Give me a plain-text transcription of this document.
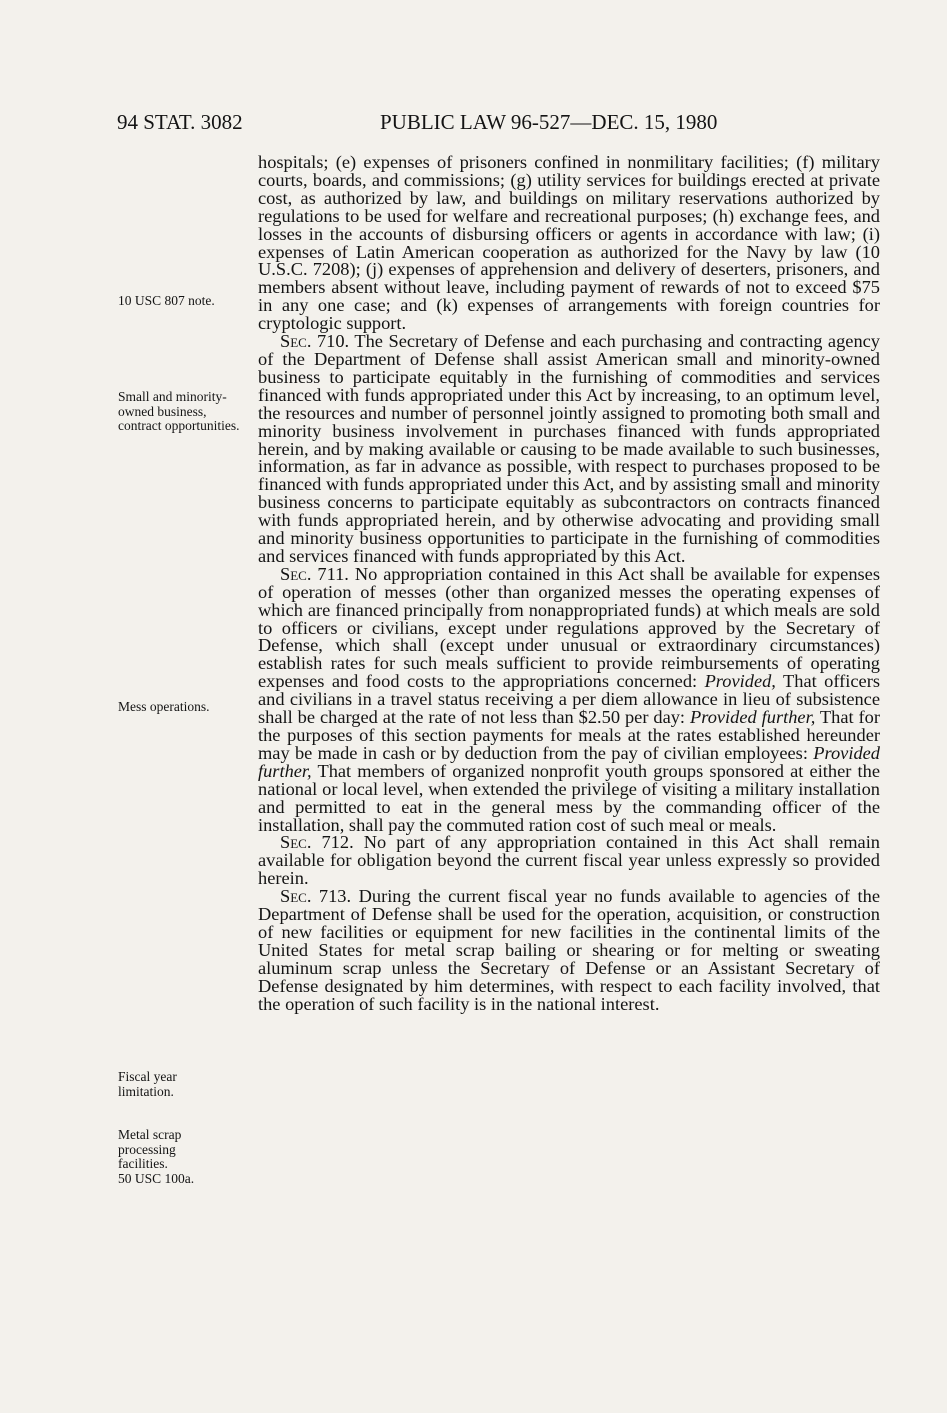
94 STAT. 3082	PUBLIC LAW 96-527—DEC. 15, 1980
10 USC 807 note.
Small and minority-owned business, contract opportunities.
Mess operations.
Fiscal year limitation.
Metal scrap processing facilities.
50 USC 100a.

hospitals; (e) expenses of prisoners confined in nonmilitary facilities; (f) military courts, boards, and commissions; (g) utility services for buildings erected at private cost, as authorized by law, and buildings on military reservations authorized by regulations to be used for welfare and recreational purposes; (h) exchange fees, and losses in the accounts of disbursing officers or agents in accordance with law; (i) expenses of Latin American cooperation as authorized for the Navy by law (10 U.S.C. 7208); (j) expenses of apprehension and delivery of deserters, prisoners, and members absent without leave, including payment of rewards of not to exceed $75 in any one case; and (k) expenses of arrangements with foreign countries for cryptologic support.

Sec. 710. The Secretary of Defense and each purchasing and contracting agency of the Department of Defense shall assist American small and minority-owned business to participate equitably in the furnishing of commodities and services financed with funds appropriated under this Act by increasing, to an optimum level, the resources and number of personnel jointly assigned to promoting both small and minority business involvement in purchases financed with funds appropriated herein, and by making available or causing to be made available to such businesses, information, as far in advance as possible, with respect to purchases proposed to be financed with funds appropriated under this Act, and by assisting small and minority business concerns to participate equitably as subcontractors on contracts financed with funds appropriated herein, and by otherwise advocating and providing small and minority business opportunities to participate in the furnishing of commodities and services financed with funds appropriated by this Act.

Sec. 711. No appropriation contained in this Act shall be available for expenses of operation of messes (other than organized messes the operating expenses of which are financed principally from nonappropriated funds) at which meals are sold to officers or civilians, except under regulations approved by the Secretary of Defense, which shall (except under unusual or extraordinary circumstances) establish rates for such meals sufficient to provide reimbursements of operating expenses and food costs to the appropriations concerned: Provided, That officers and civilians in a travel status receiving a per diem allowance in lieu of subsistence shall be charged at the rate of not less than $2.50 per day: Provided further, That for the purposes of this section payments for meals at the rates established hereunder may be made in cash or by deduction from the pay of civilian employees: Provided further, That members of organized nonprofit youth groups sponsored at either the national or local level, when extended the privilege of visiting a military installation and permitted to eat in the general mess by the commanding officer of the installation, shall pay the commuted ration cost of such meal or meals.

Sec. 712. No part of any appropriation contained in this Act shall remain available for obligation beyond the current fiscal year unless expressly so provided herein.

Sec. 713. During the current fiscal year no funds available to agencies of the Department of Defense shall be used for the operation, acquisition, or construction of new facilities or equipment for new facilities in the continental limits of the United States for metal scrap bailing or shearing or for melting or sweating aluminum scrap unless the Secretary of Defense or an Assistant Secretary of Defense designated by him determines, with respect to each facility involved, that the operation of such facility is in the national interest.
